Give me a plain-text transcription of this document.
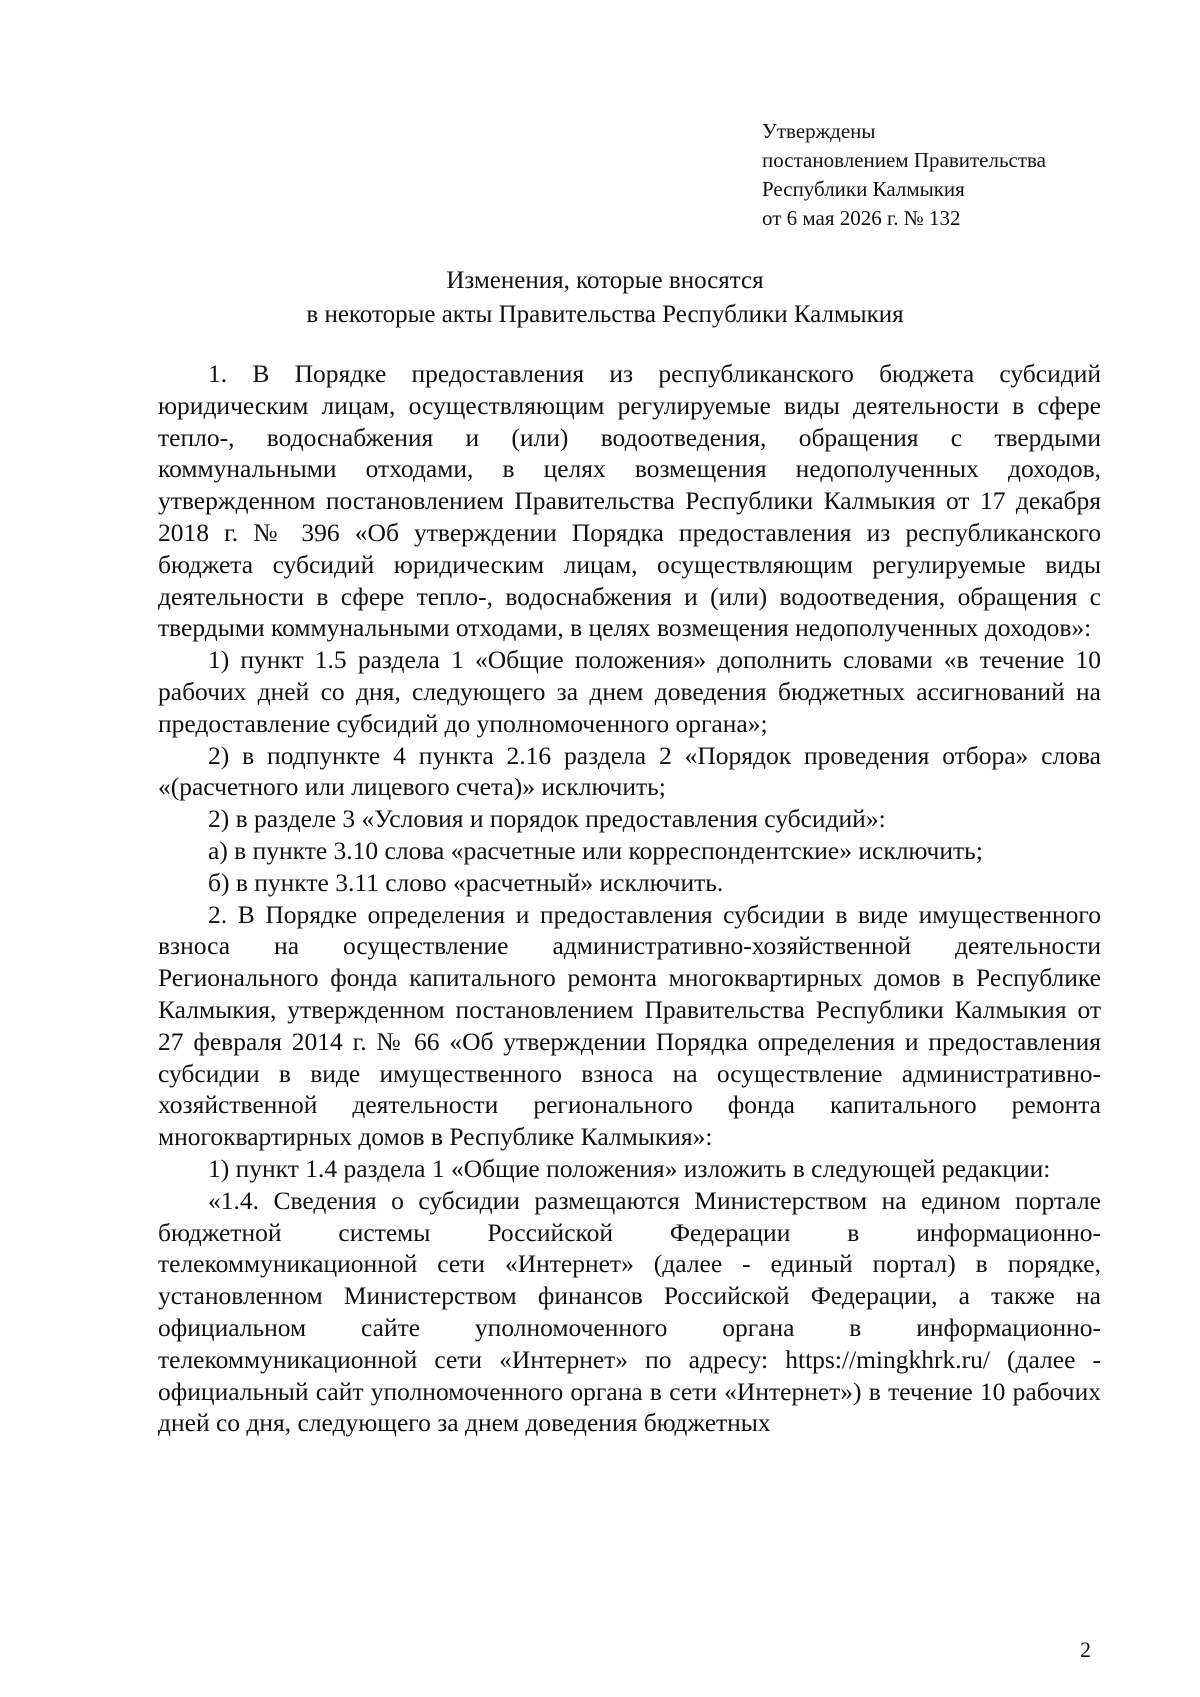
Утверждены
постановлением Правительства
Республики Калмыкия
от 6 мая 2026 г. № 132
Изменения, которые вносятся
в некоторые акты Правительства Республики Калмыкия

1. В Порядке предоставления из республиканского бюджета субсидий юридическим лицам, осуществляющим регулируемые виды деятельности в сфере тепло-, водоснабжения и (или) водоотведения, обращения с твердыми коммунальными отходами, в целях возмещения недополученных доходов, утвержденном постановлением Правительства Республики Калмыкия от 17 декабря 2018 г. № 396 «Об утверждении Порядка предоставления из республиканского бюджета субсидий юридическим лицам, осуществляющим регулируемые виды деятельности в сфере тепло-, водоснабжения и (или) водоотведения, обращения с твердыми коммунальными отходами, в целях возмещения недополученных доходов»:

1) пункт 1.5 раздела 1 «Общие положения» дополнить словами «в течение 10 рабочих дней со дня, следующего за днем доведения бюджетных ассигнований на предоставление субсидий до уполномоченного органа»;

2) в подпункте 4 пункта 2.16 раздела 2 «Порядок проведения отбора» слова «(расчетного или лицевого счета)» исключить;

2) в разделе 3 «Условия и порядок предоставления субсидий»:

а) в пункте 3.10 слова «расчетные или корреспондентские» исключить;

б) в пункте 3.11 слово «расчетный» исключить.

2. В Порядке определения и предоставления субсидии в виде имущественного взноса на осуществление административно-хозяйственной деятельности Регионального фонда капитального ремонта многоквартирных домов в Республике Калмыкия, утвержденном постановлением Правительства Республики Калмыкия от 27 февраля 2014 г. № 66 «Об утверждении Порядка определения и предоставления субсидии в виде имущественного взноса на осуществление административно-хозяйственной деятельности регионального фонда капитального ремонта многоквартирных домов в Республике Калмыкия»:

1) пункт 1.4 раздела 1 «Общие положения» изложить в следующей редакции:

«1.4. Сведения о субсидии размещаются Министерством на едином портале бюджетной системы Российской Федерации в информационно-телекоммуникационной сети «Интернет» (далее - единый портал) в порядке, установленном Министерством финансов Российской Федерации, а также на официальном сайте уполномоченного органа в информационно-телекоммуникационной сети «Интернет» по адресу: https://mingkhrk.ru/ (далее - официальный сайт уполномоченного органа в сети «Интернет») в течение 10 рабочих дней со дня, следующего за днем доведения бюджетных

2
